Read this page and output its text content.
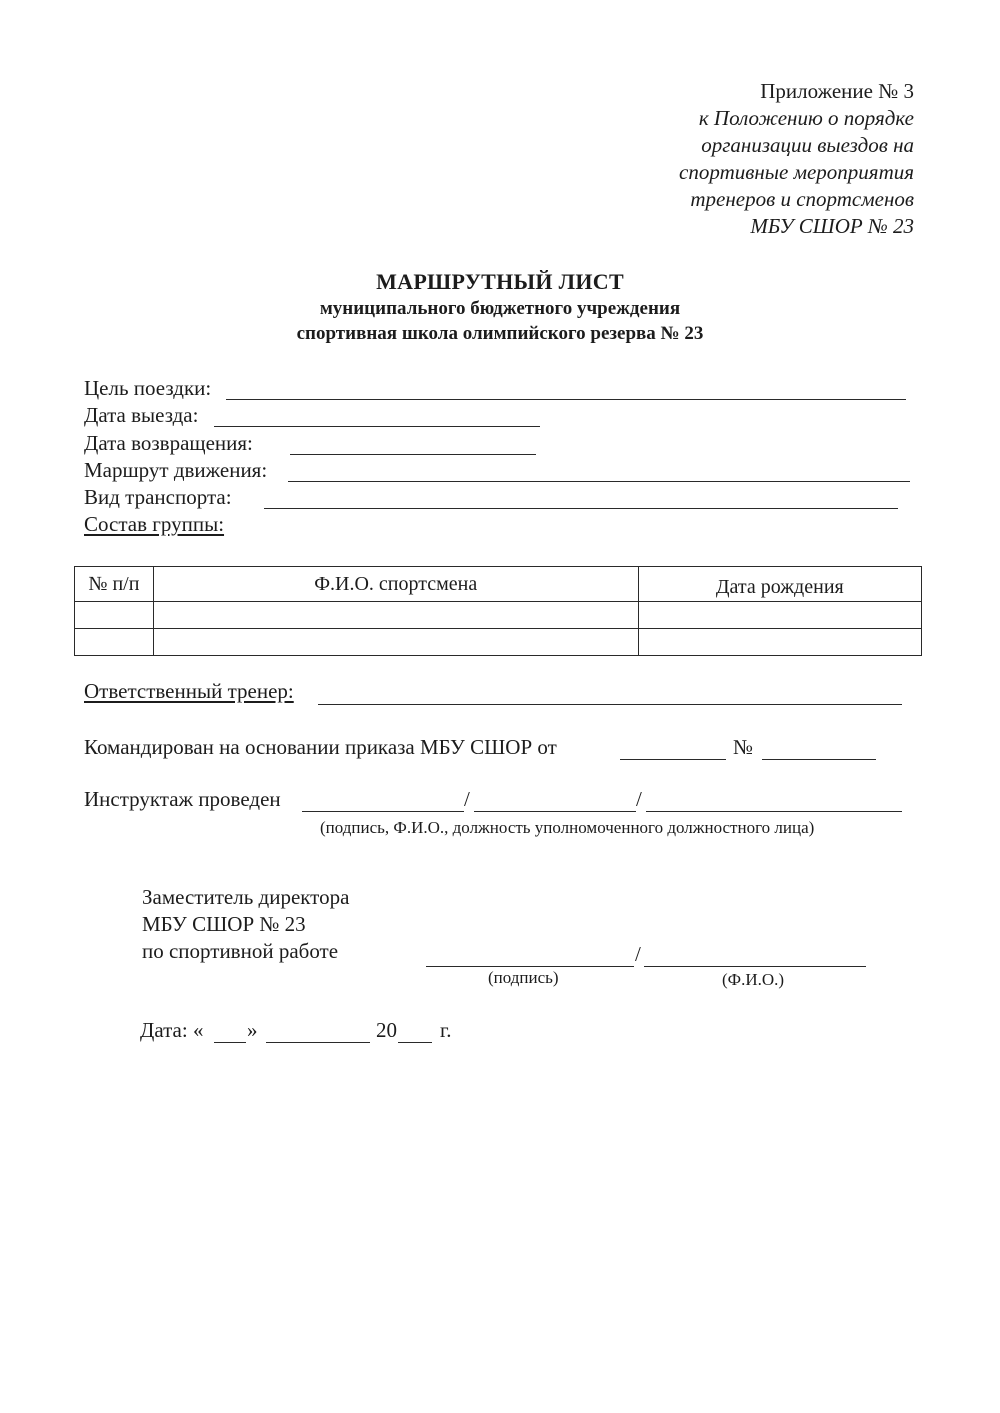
Приложение № 3
к Положению о порядке
организации выездов на
спортивные мероприятия
тренеров и спортсменов
МБУ СШОР № 23
МАРШРУТНЫЙ ЛИСТ
муниципального бюджетного учреждения
спортивная школа олимпийского резерва № 23
Цель поездки:
Дата выезда:
Дата возвращения:
Маршрут движения:
Вид транспорта:
Состав группы:
№ п/п	Ф.И.О. спортсмена	Дата рождения

Ответственный тренер:
Командирован на основании приказа МБУ СШОР от	№
Инструктаж проведен	/	/
(подпись, Ф.И.О., должность уполномоченного должностного лица)
Заместитель директора
МБУ СШОР № 23
по спортивной работе	/
(подпись)	(Ф.И.О.)
Дата: « »	20 г.
